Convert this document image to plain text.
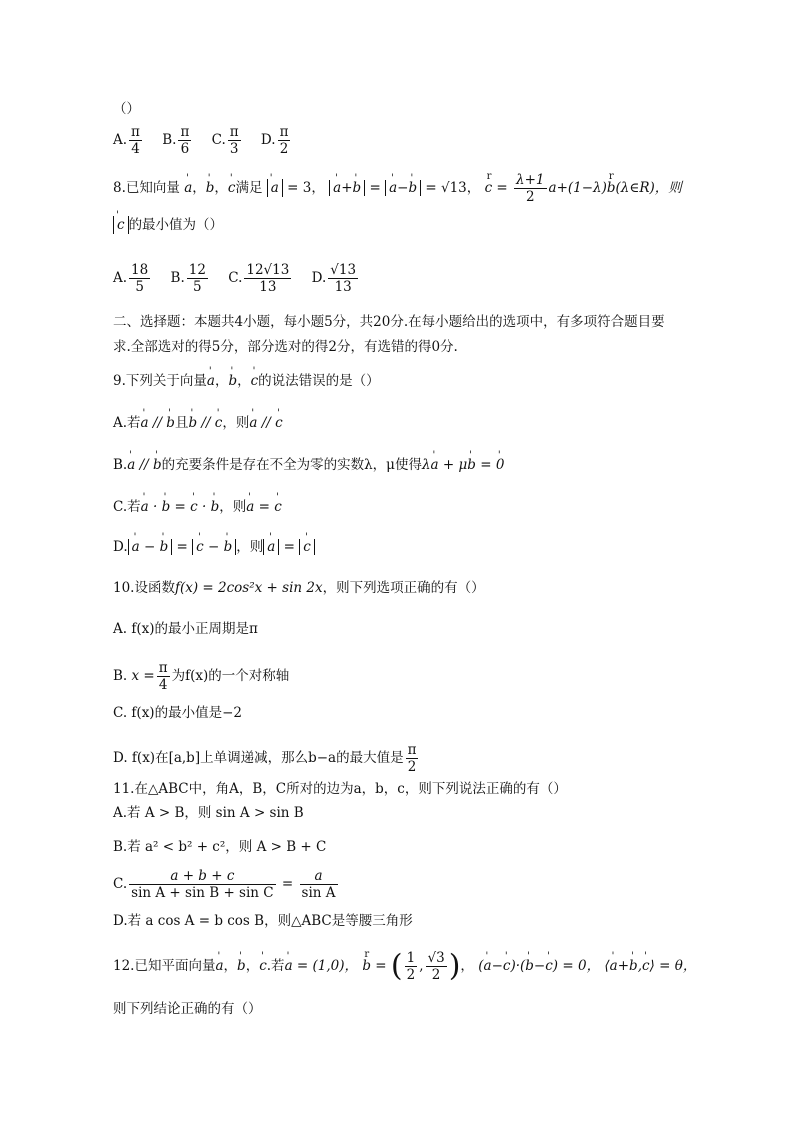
（）
A. $\frac{\pi}{4} B$. $\frac{\pi}{6} C$. $\frac{\pi}{3} D$. $\frac{\pi}{2}$
8.已知向量 ' a，' b，' c满足 ' a = 3， ' a+' b = ' a−' b = √13， r $c = \frac{\lambda+1}{2} a+(1-\lambda)r$ b(λ∈R)，则
' c 的最小值为（）
A. $\frac{18}{5} B$. $\frac{12}{5} C$. $\frac{12√13}{13} D$. $\frac{√13}{13}$
二、选择题：本题共4小题，每小题5分，共20分.在每小题给出的选项中，有多项符合题目要
求.全部选对的得5分，部分选对的得2分，有选错的得0分.
9.下列关于向量' a，' b，' c的说法错误的是（）
A.若' a // ' b且' b // ' c，则' a // ' c
B.' a // ' b的充要条件是存在不全为零的实数λ，μ使得λ' a + μ' b = ' 0
C.若' a · ' b = ' c · ' b，则' a = ' c
D. ' a − ' b = ' c − ' b ，则 ' a = ' c
10.设函数f(x) = 2cos²x + sin 2x，则下列选项正确的有（）
A. f(x)的最小正周期是π
B. $x = \frac{\pi}{4}$ 为f(x)的一个对称轴
C. f(x)的最小值是−2
D. f(x)在[a,b]上单调递减，那么b−a的最大值是 $\frac{\pi}{2}$
11.在△ABC中，角A，B，C所对的边为a，b，c，则下列说法正确的有（）
A.若 A > B，则 sin A > sin B
B.若 a² < b² + c²，则 A > B + C
C. $\frac{a + b + c}{\text{sin A + sin B + sin C}} = \frac{a}{\text{sin A}}$
D.若 a cos A = b cos B，则△ABC是等腰三角形
12.已知平面向量' a，' b，' c.若' a = (1,0)， r b = ( $\frac{1}{2}$ , $\frac{√3}{2}$ )， (' a−' c)·(' b−' c) = 0， ⟨' a+' b,' c⟩ = θ，
则下列结论正确的有（）
